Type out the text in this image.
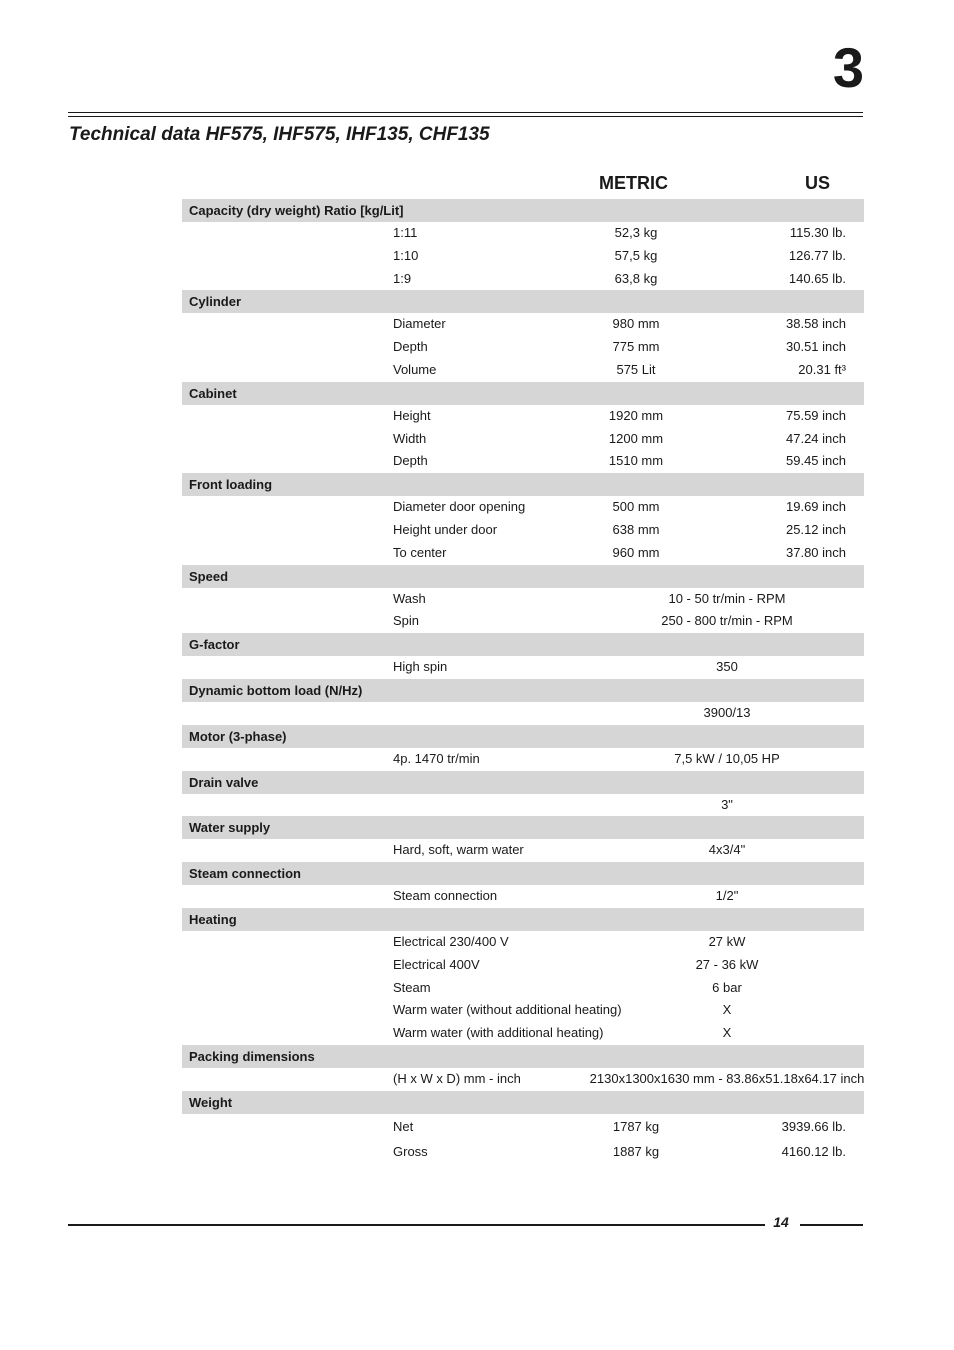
3
Technical data HF575, IHF575, IHF135, CHF135
METRIC	US
Capacity (dry weight) Ratio [kg/Lit]
1:11	52,3 kg	115.30 lb.
1:10	57,5 kg	126.77 lb.
1:9	63,8 kg	140.65 lb.
Cylinder
Diameter	980 mm	38.58 inch
Depth	775 mm	30.51 inch
Volume	575 Lit	20.31 ft³
Cabinet
Height	1920 mm	75.59 inch
Width	1200 mm	47.24 inch
Depth	1510 mm	59.45 inch
Front loading
Diameter door opening	500 mm	19.69 inch
Height under door	638 mm	25.12 inch
To center	960 mm	37.80 inch
Speed
Wash	10 - 50 tr/min - RPM
Spin	250 - 800 tr/min - RPM
G-factor
High spin	350
Dynamic bottom load (N/Hz)
3900/13
Motor (3-phase)
4p. 1470 tr/min	7,5 kW / 10,05 HP
Drain valve
3"
Water supply
Hard, soft, warm water	4x3/4"
Steam connection
Steam connection	1/2"
Heating
Electrical 230/400 V	27 kW
Electrical 400V	27 - 36 kW
Steam	6 bar
Warm water (without additional heating)	X
Warm water (with additional heating)	X
Packing dimensions
(H x W x D) mm - inch	2130x1300x1630 mm - 83.86x51.18x64.17 inch
Weight
Net	1787 kg	3939.66 lb.
Gross	1887 kg	4160.12 lb.
14
